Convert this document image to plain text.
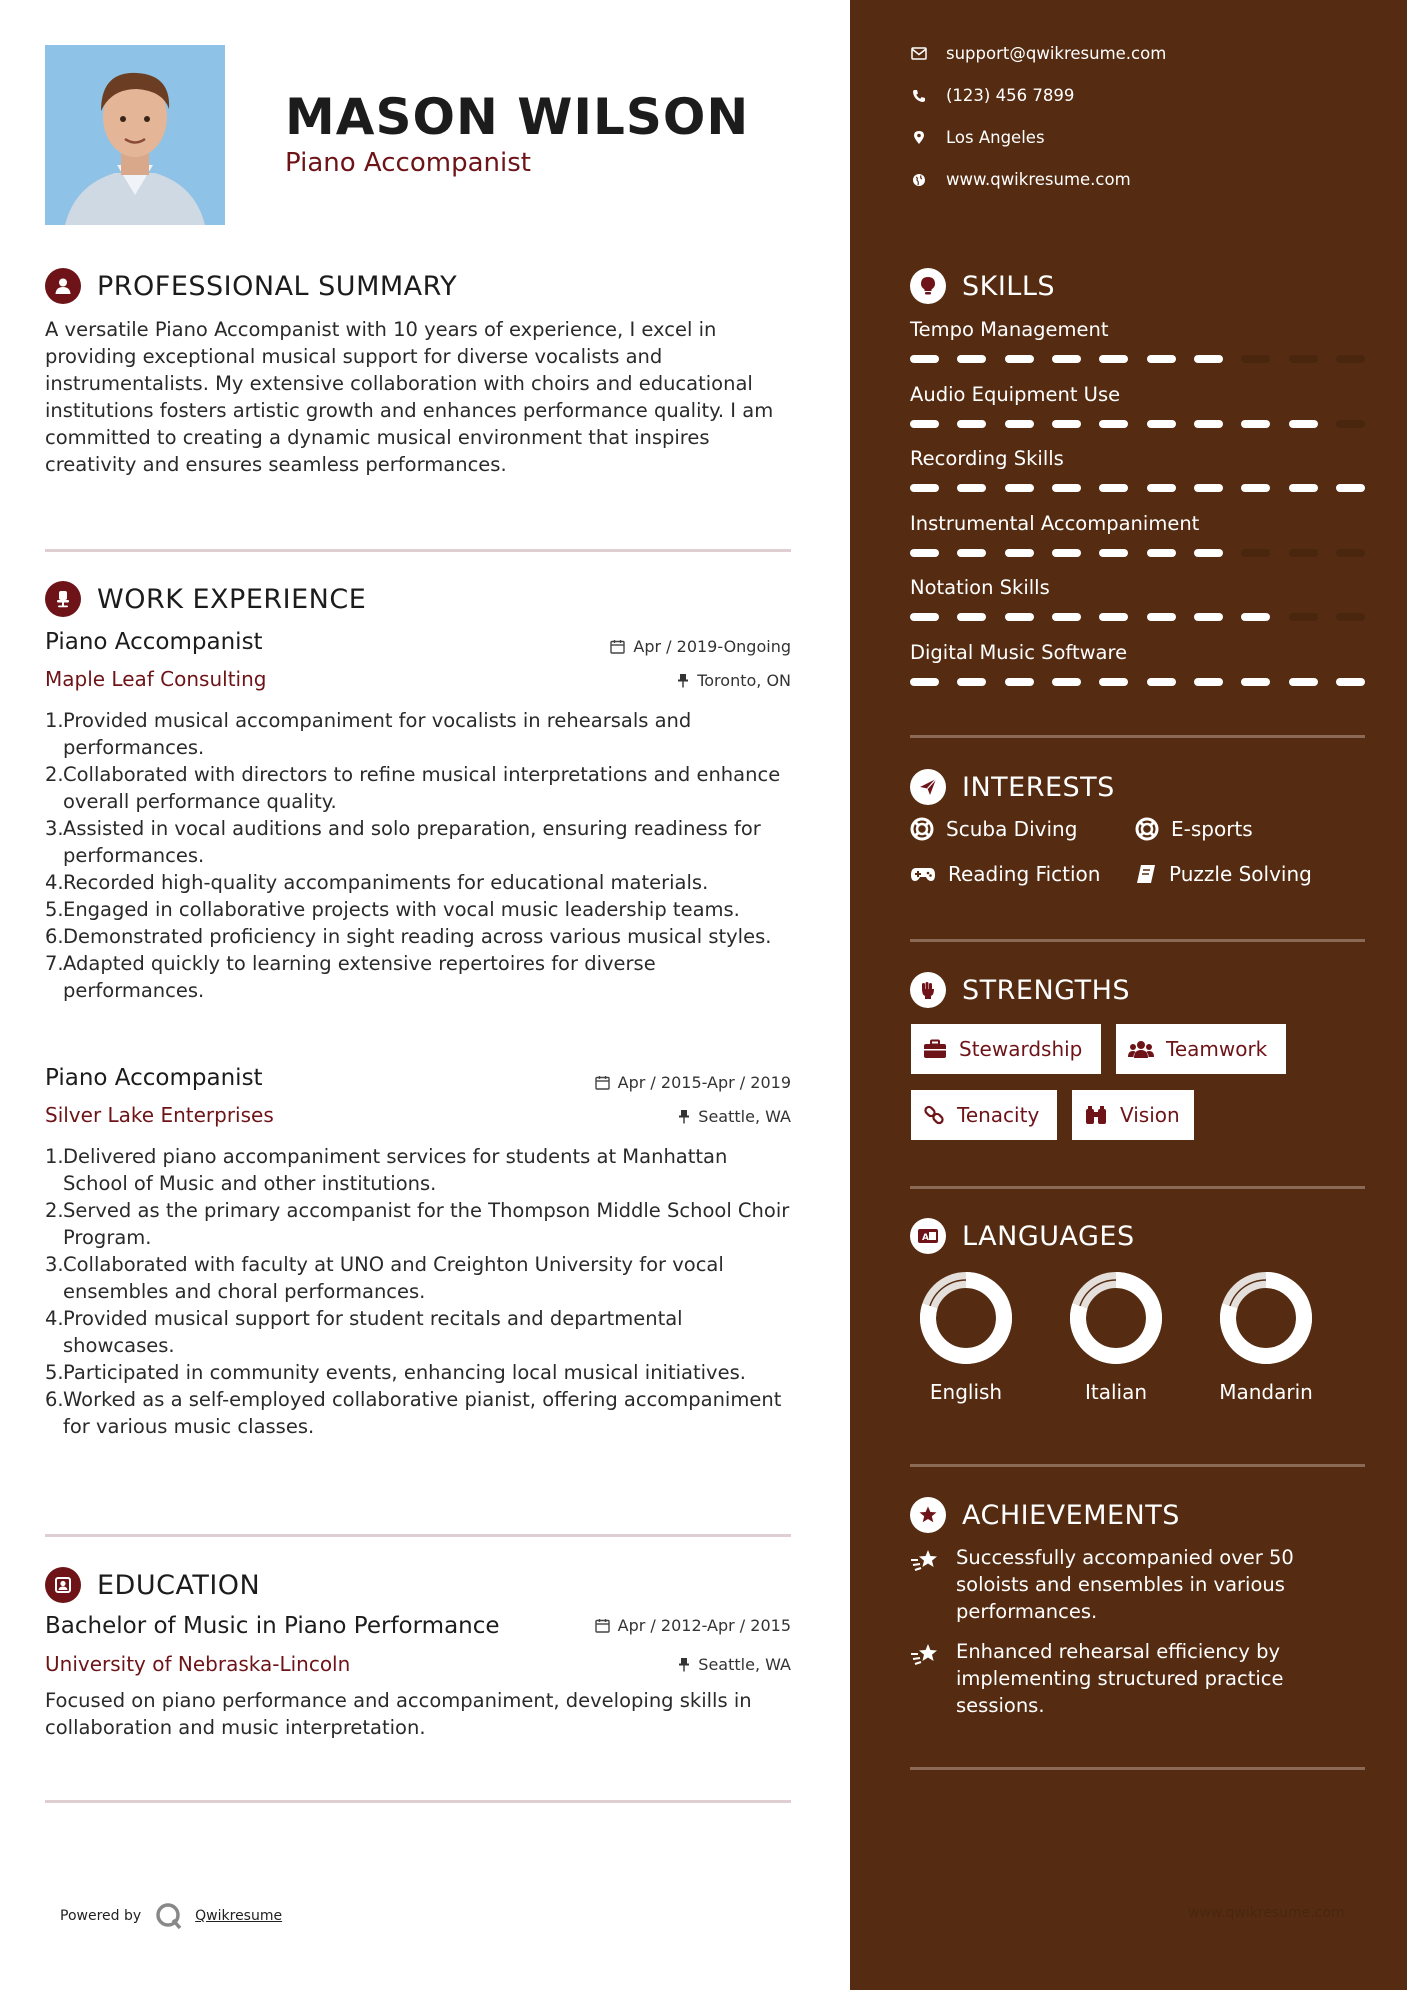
MASON WILSON
Piano Accompanist
PROFESSIONAL SUMMARY
A versatile Piano Accompanist with 10 years of experience, I excel in providing exceptional musical support for diverse vocalists and instrumentalists. My extensive collaboration with choirs and educational institutions fosters artistic growth and enhances performance quality. I am committed to creating a dynamic musical environment that inspires creativity and ensures seamless performances.
WORK EXPERIENCE
Piano Accompanist	Apr / 2019-Ongoing
Maple Leaf Consulting	Toronto, ON
1. Provided musical accompaniment for vocalists in rehearsals and performances.
2. Collaborated with directors to refine musical interpretations and enhance overall performance quality.
3. Assisted in vocal auditions and solo preparation, ensuring readiness for performances.
4. Recorded high-quality accompaniments for educational materials.
5. Engaged in collaborative projects with vocal music leadership teams.
6. Demonstrated proficiency in sight reading across various musical styles.
7. Adapted quickly to learning extensive repertoires for diverse performances.
Piano Accompanist	Apr / 2015-Apr / 2019
Silver Lake Enterprises	Seattle, WA
1. Delivered piano accompaniment services for students at Manhattan School of Music and other institutions.
2. Served as the primary accompanist for the Thompson Middle School Choir Program.
3. Collaborated with faculty at UNO and Creighton University for vocal ensembles and choral performances.
4. Provided musical support for student recitals and departmental showcases.
5. Participated in community events, enhancing local musical initiatives.
6. Worked as a self-employed collaborative pianist, offering accompaniment for various music classes.
EDUCATION
Bachelor of Music in Piano Performance	Apr / 2012-Apr / 2015
University of Nebraska-Lincoln	Seattle, WA
Focused on piano performance and accompaniment, developing skills in collaboration and music interpretation.
Powered by	Qwikresume
support@qwikresume.com
(123) 456 7899
Los Angeles
www.qwikresume.com
SKILLS
Tempo Management
Audio Equipment Use
Recording Skills
Instrumental Accompaniment
Notation Skills
Digital Music Software
INTERESTS
Scuba Diving	E-sports
Reading Fiction	Puzzle Solving
STRENGTHS
Stewardship	Teamwork
Tenacity	Vision
A LANGUAGES
English	Italian	Mandarin
ACHIEVEMENTS
Successfully accompanied over 50 soloists and ensembles in various performances.
Enhanced rehearsal efficiency by implementing structured practice sessions.
www.qwikresume.com
